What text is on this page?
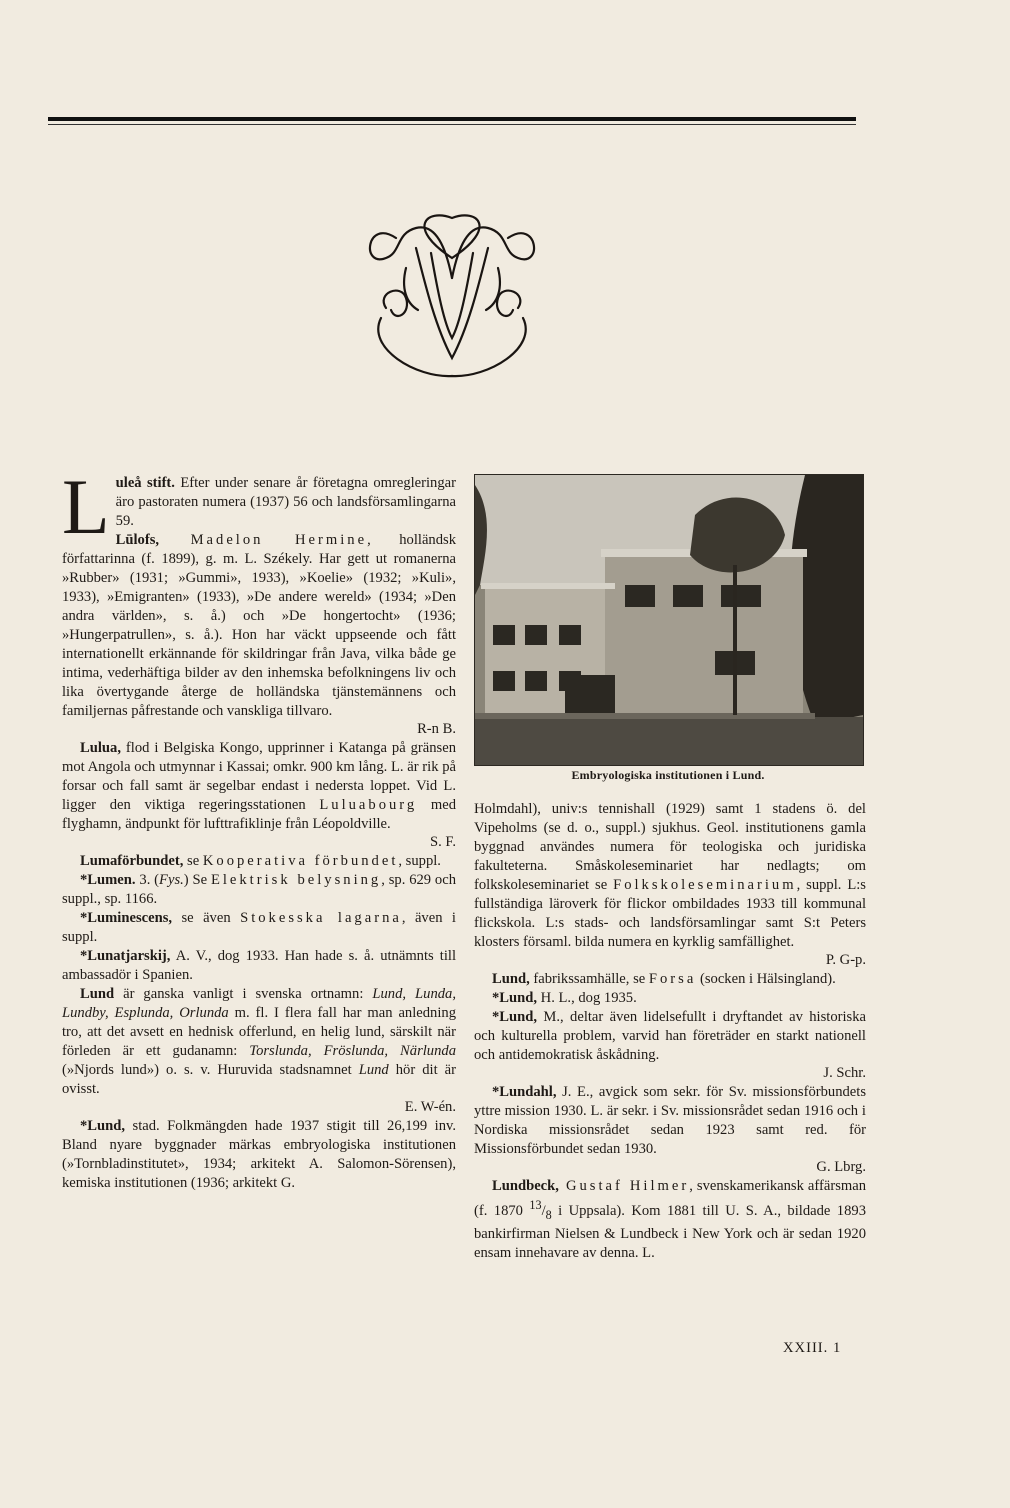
Luleå stift. Efter under senare år företagna omregleringar äro pastoraten numera (1937) 56 och landsförsamlingarna 59.

Lūlofs, Madelon Hermine, holländsk författarinna (f. 1899), g. m. L. Székely. Har gett ut romanerna »Rubber» (1931; »Gummi», 1933), »Koelie» (1932; »Kuli», 1933), »Emigranten» (1933), »De andere wereld» (1934; »Den andra världen», s. å.) och »De hongertocht» (1936; »Hungerpatrullen», s. å.). Hon har väckt uppseende och fått internationellt erkännande för skildringar från Java, vilka både ge intima, vederhäftiga bilder av den inhemska befolkningens liv och lika övertygande återge de holländska tjänstemännens och familjernas påfrestande och vanskliga tillvaro.
R-n B.

Lulua, flod i Belgiska Kongo, upprinner i Katanga på gränsen mot Angola och utmynnar i Kassai; omkr. 900 km lång. L. är rik på forsar och fall samt är segelbar endast i nedersta loppet. Vid L. ligger den viktiga regeringsstationen Luluabourg med flyghamn, ändpunkt för lufttrafiklinje från Léopoldville.
S. F.

Lumaförbundet, se Kooperativa förbundet, suppl.

*Lumen. 3. (Fys.) Se Elektrisk belysning, sp. 629 och suppl., sp. 1166.

*Luminescens, se även Stokesska lagarna, även i suppl.

*Lunatjarskij, A. V., dog 1933. Han hade s. å. utnämnts till ambassadör i Spanien.

Lund är ganska vanligt i svenska ortnamn: Lund, Lunda, Lundby, Esplunda, Orlunda m. fl. I flera fall har man anledning tro, att det avsett en hednisk offerlund, en helig lund, särskilt när förleden är ett gudanamn: Torslunda, Fröslunda, Närlunda (»Njords lund») o. s. v. Huruvida stadsnamnet Lund hör dit är ovisst.
E. W-én.

*Lund, stad. Folkmängden hade 1937 stigit till 26,199 inv. Bland nyare byggnader märkas embryologiska institutionen (»Tornbladinstitutet», 1934; arkitekt A. Salomon-Sörensen), kemiska institutionen (1936; arkitekt G.

Embryologiska institutionen i Lund.

Holmdahl), univ:s tennishall (1929) samt 1 stadens ö. del Vipeholms (se d. o., suppl.) sjukhus. Geol. institutionens gamla byggnad användes numera för teologiska och juridiska fakulteterna. Småskoleseminariet har nedlagts; om folkskoleseminariet se Folkskoleseminarium, suppl. L:s fullständiga läroverk för flickor ombildades 1933 till kommunal flickskola. L:s stads- och landsförsamlingar samt S:t Peters klosters församl. bilda numera en kyrklig samfällighet.
P. G-p.

Lund, fabrikssamhälle, se Forsa (socken i Hälsingland).

*Lund, H. L., dog 1935.

*Lund, M., deltar även lidelsefullt i dryftandet av historiska och kulturella problem, varvid han företräder en starkt nationell och antidemokratisk åskådning.
J. Schr.

*Lundahl, J. E., avgick som sekr. för Sv. missionsförbundets yttre mission 1930. L. är sekr. i Sv. missionsrådet sedan 1916 och i Nordiska missionsrådet sedan 1923 samt red. för Missionsförbundet sedan 1930.
G. Lbrg.

Lundbeck, Gustaf Hilmer, svenskamerikansk affärsman (f. 1870 $^{13}/_8$ i Uppsala). Kom 1881 till U. S. A., bildade 1893 bankirfirman Nielsen & Lundbeck i New York och är sedan 1920 ensam innehavare av denna. L.

XXIII. 1
